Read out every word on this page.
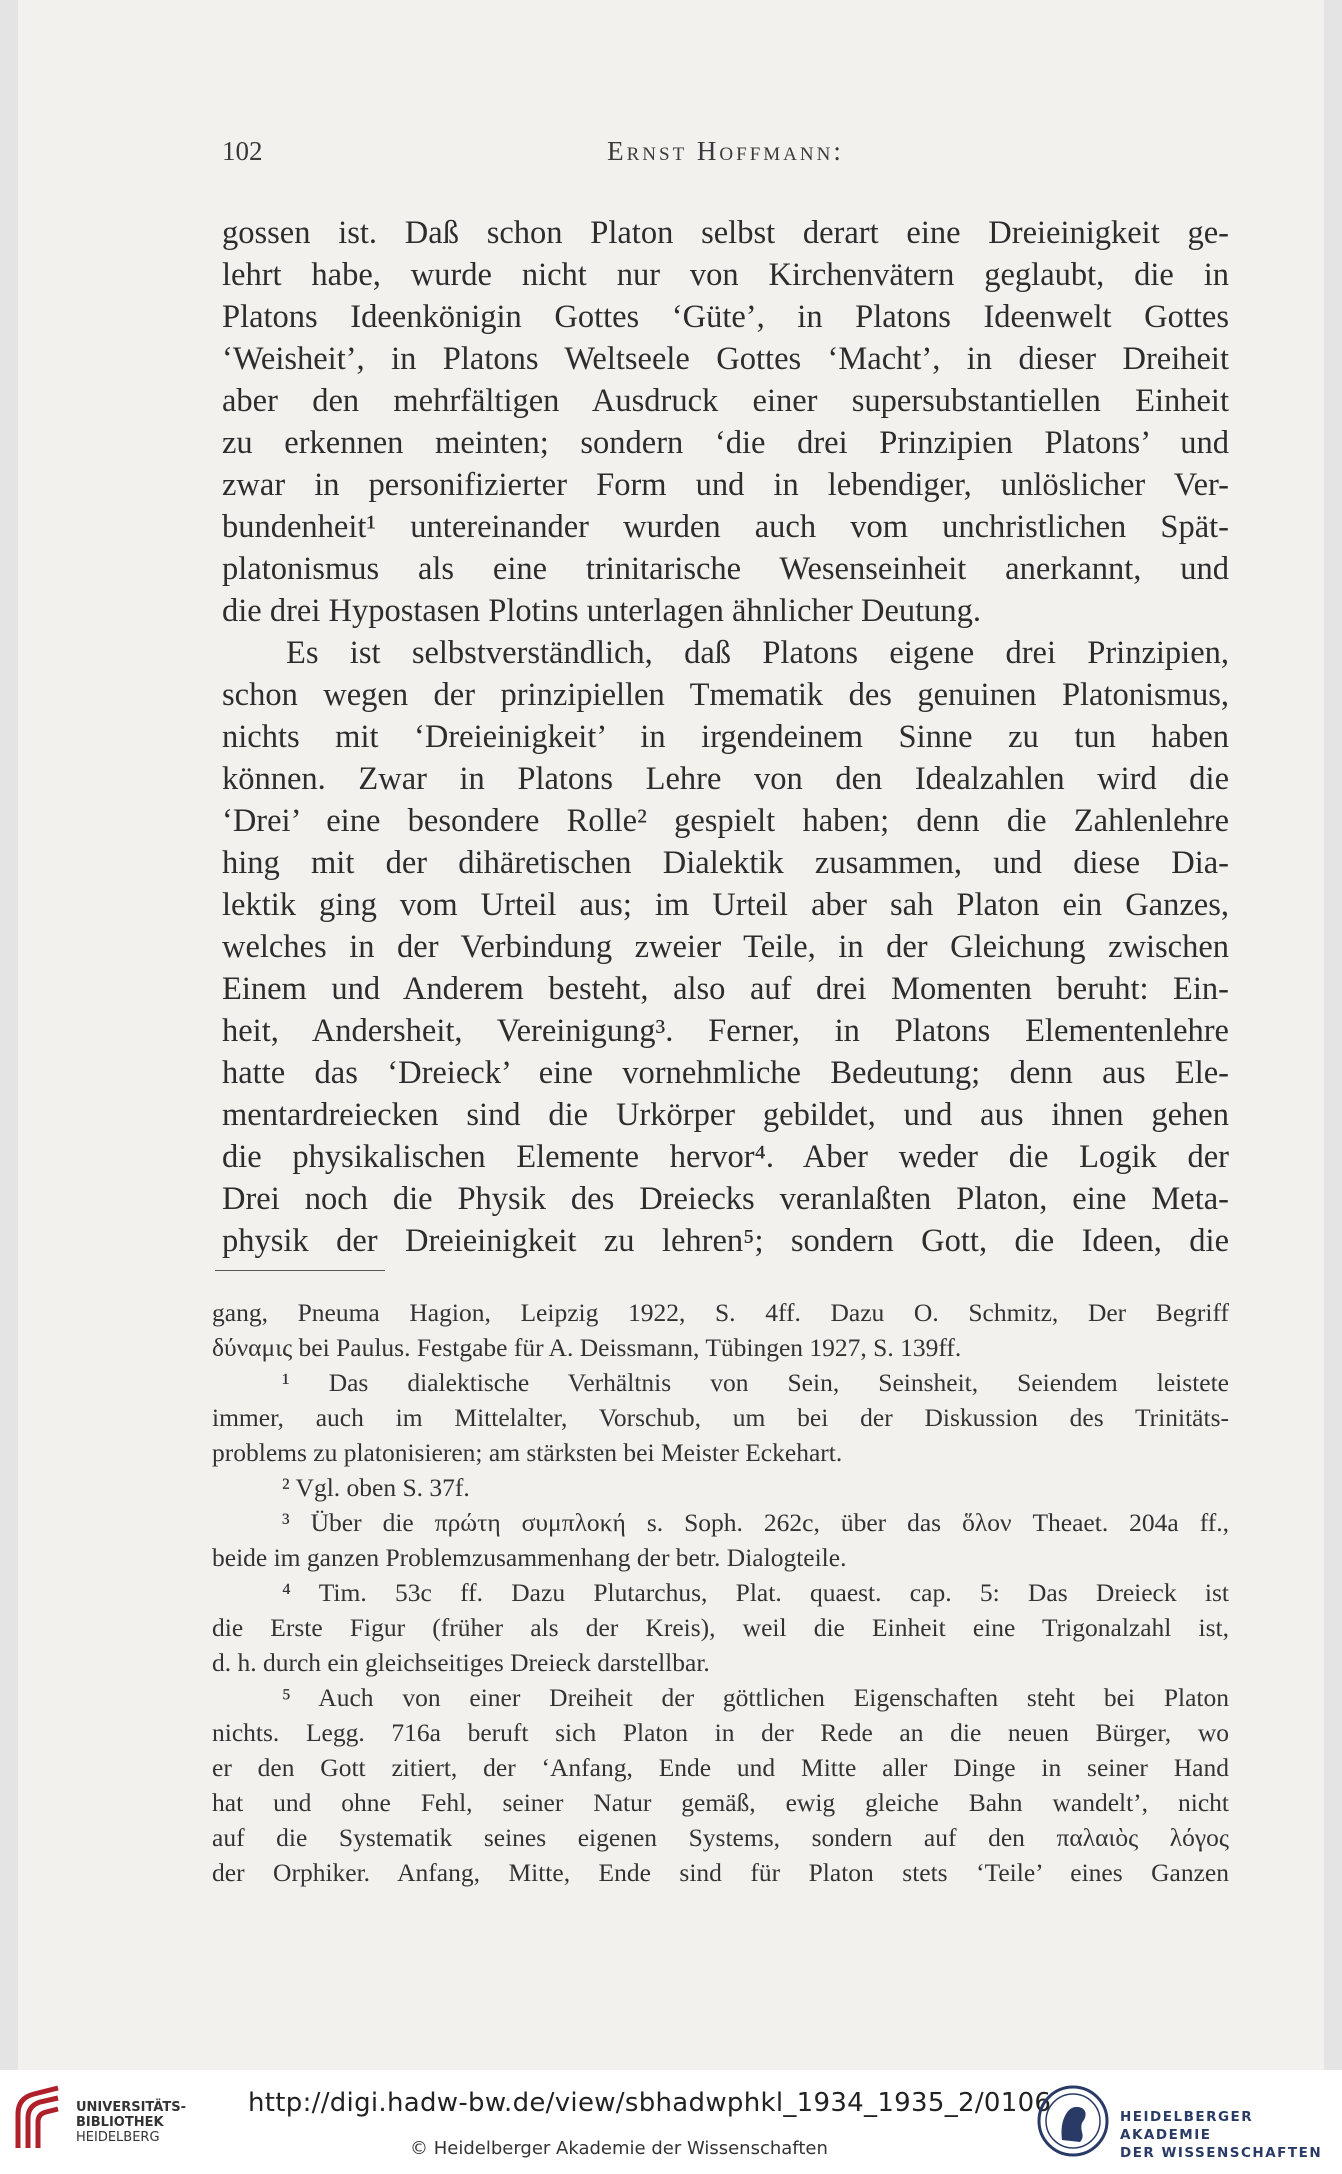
102	Ernst Hoffmann:
gossen ist. Daß schon Platon selbst derart eine Dreieinigkeit ge-
lehrt habe, wurde nicht nur von Kirchenvätern geglaubt, die in
Platons Ideenkönigin Gottes ‘Güte’, in Platons Ideenwelt Gottes
‘Weisheit’, in Platons Weltseele Gottes ‘Macht’, in dieser Dreiheit
aber den mehrfältigen Ausdruck einer supersubstantiellen Einheit
zu erkennen meinten; sondern ‘die drei Prinzipien Platons’ und
zwar in personifizierter Form und in lebendiger, unlöslicher Ver-
bundenheit¹ untereinander wurden auch vom unchristlichen Spät-
platonismus als eine trinitarische Wesenseinheit anerkannt, und
die drei Hypostasen Plotins unterlagen ähnlicher Deutung.
Es ist selbstverständlich, daß Platons eigene drei Prinzipien,
schon wegen der prinzipiellen Tmematik des genuinen Platonismus,
nichts mit ‘Dreieinigkeit’ in irgendeinem Sinne zu tun haben
können. Zwar in Platons Lehre von den Idealzahlen wird die
‘Drei’ eine besondere Rolle² gespielt haben; denn die Zahlenlehre
hing mit der dihäretischen Dialektik zusammen, und diese Dia-
lektik ging vom Urteil aus; im Urteil aber sah Platon ein Ganzes,
welches in der Verbindung zweier Teile, in der Gleichung zwischen
Einem und Anderem besteht, also auf drei Momenten beruht: Ein-
heit, Andersheit, Vereinigung³. Ferner, in Platons Elementenlehre
hatte das ‘Dreieck’ eine vornehmliche Bedeutung; denn aus Ele-
mentardreiecken sind die Urkörper gebildet, und aus ihnen gehen
die physikalischen Elemente hervor⁴. Aber weder die Logik der
Drei noch die Physik des Dreiecks veranlaßten Platon, eine Meta-
physik der Dreieinigkeit zu lehren⁵; sondern Gott, die Ideen, die
gang, Pneuma Hagion, Leipzig 1922, S. 4ff. Dazu O. Schmitz, Der Begriff
δύναμις bei Paulus. Festgabe für A. Deissmann, Tübingen 1927, S. 139ff.
¹ Das dialektische Verhältnis von Sein, Seinsheit, Seiendem leistete
immer, auch im Mittelalter, Vorschub, um bei der Diskussion des Trinitäts-
problems zu platonisieren; am stärksten bei Meister Eckehart.
² Vgl. oben S. 37f.
³ Über die πρώτη συμπλοκή s. Soph. 262c, über das ὅλον Theaet. 204a ff.,
beide im ganzen Problemzusammenhang der betr. Dialogteile.
⁴ Tim. 53c ff. Dazu Plutarchus, Plat. quaest. cap. 5: Das Dreieck ist
die Erste Figur (früher als der Kreis), weil die Einheit eine Trigonalzahl ist,
d. h. durch ein gleichseitiges Dreieck darstellbar.
⁵ Auch von einer Dreiheit der göttlichen Eigenschaften steht bei Platon
nichts. Legg. 716a beruft sich Platon in der Rede an die neuen Bürger, wo
er den Gott zitiert, der ‘Anfang, Ende und Mitte aller Dinge in seiner Hand
hat und ohne Fehl, seiner Natur gemäß, ewig gleiche Bahn wandelt’, nicht
auf die Systematik seines eigenen Systems, sondern auf den παλαιὸς λόγος
der Orphiker. Anfang, Mitte, Ende sind für Platon stets ‘Teile’ eines Ganzen
UNIVERSITÄTS-
BIBLIOTHEK
HEIDELBERG
http://digi.hadw-bw.de/view/sbhadwphkl_1934_1935_2/0106
© Heidelberger Akademie der Wissenschaften
HEIDELBERGER AKADEMIE
DER WISSENSCHAFTEN
